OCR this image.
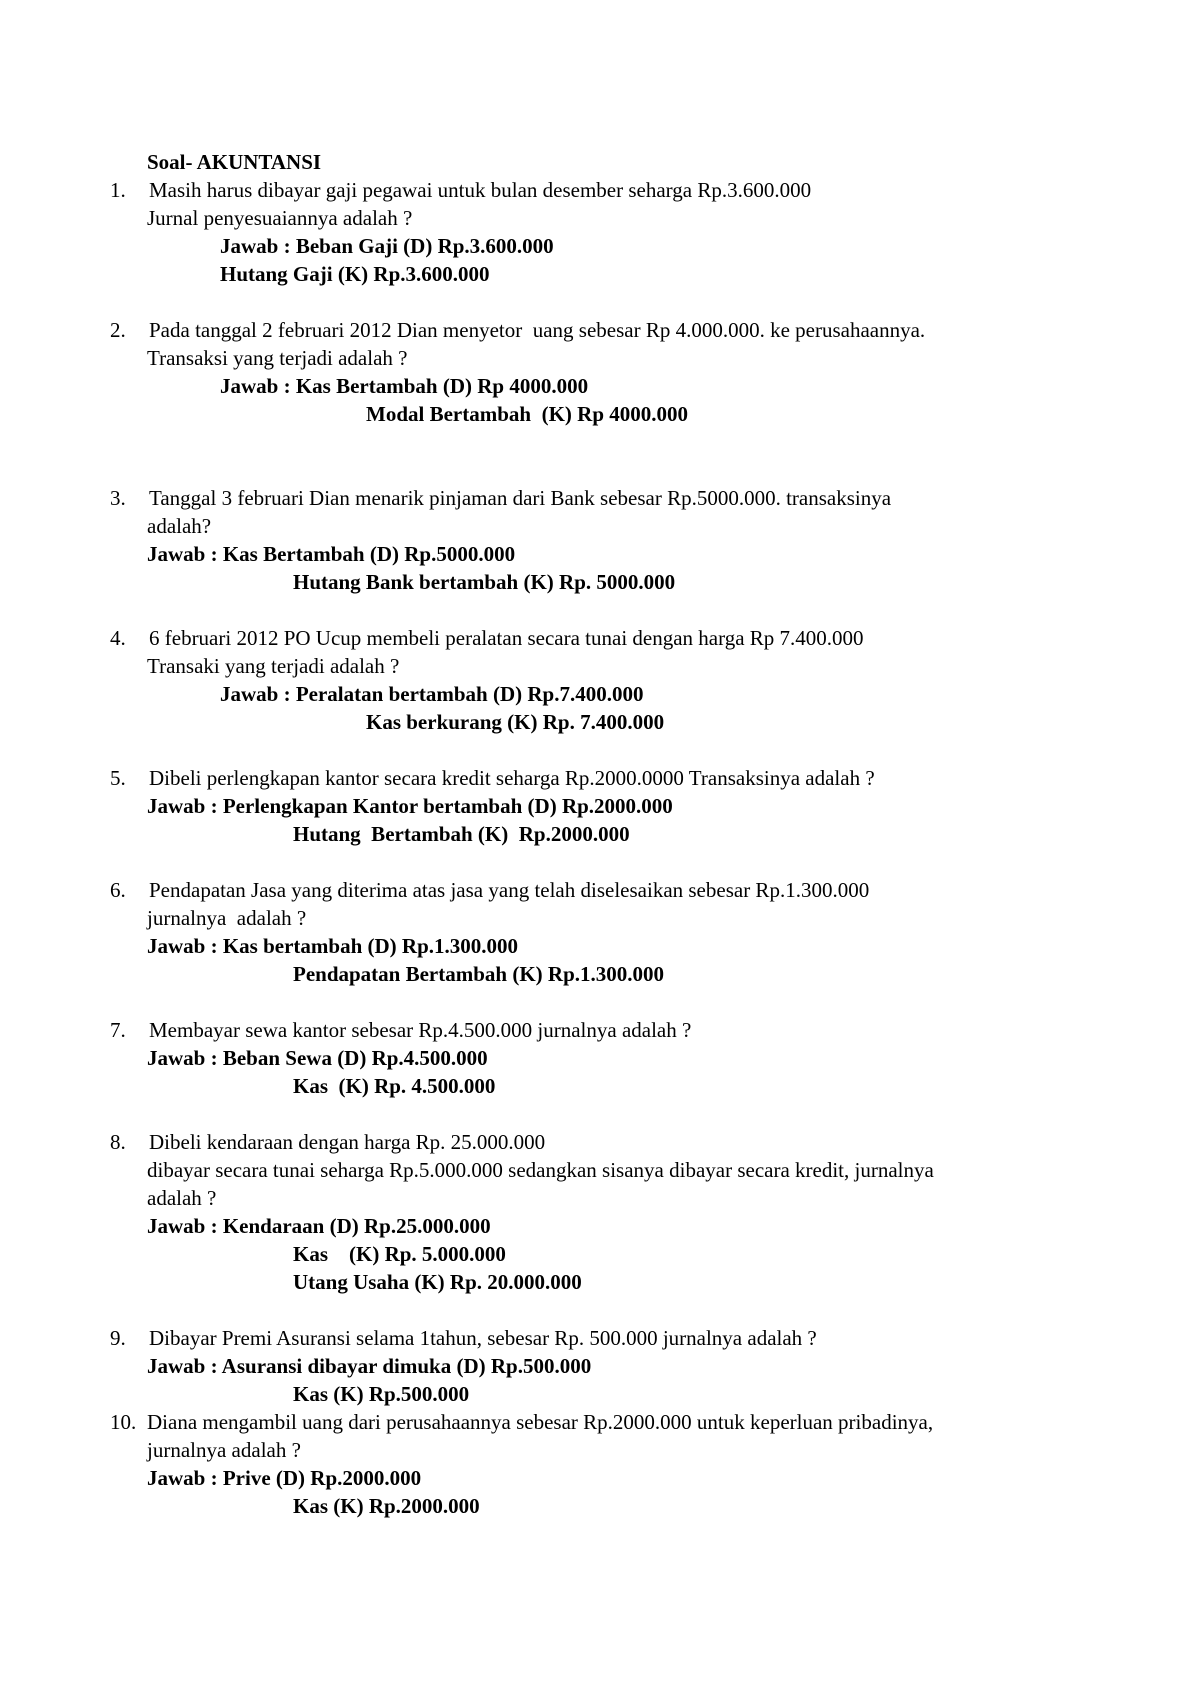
Soal- AKUNTANSI
1. Masih harus dibayar gaji pegawai untuk bulan desember seharga Rp.3.600.000
Jurnal penyesuaiannya adalah ?
Jawab : Beban Gaji (D) Rp.3.600.000
Hutang Gaji (K) Rp.3.600.000
2. Pada tanggal 2 februari 2012 Dian menyetor  uang sebesar Rp 4.000.000. ke perusahaannya.
Transaksi yang terjadi adalah ?
Jawab : Kas Bertambah (D) Rp 4000.000
Modal Bertambah  (K) Rp 4000.000
3. Tanggal 3 februari Dian menarik pinjaman dari Bank sebesar Rp.5000.000. transaksinya
adalah?
Jawab : Kas Bertambah (D) Rp.5000.000
Hutang Bank bertambah (K) Rp. 5000.000
4. 6 februari 2012 PO Ucup membeli peralatan secara tunai dengan harga Rp 7.400.000
Transaki yang terjadi adalah ?
Jawab : Peralatan bertambah (D) Rp.7.400.000
Kas berkurang (K) Rp. 7.400.000
5. Dibeli perlengkapan kantor secara kredit seharga Rp.2000.0000 Transaksinya adalah ?
Jawab : Perlengkapan Kantor bertambah (D) Rp.2000.000
Hutang  Bertambah (K)  Rp.2000.000
6. Pendapatan Jasa yang diterima atas jasa yang telah diselesaikan sebesar Rp.1.300.000
jurnalnya  adalah ?
Jawab : Kas bertambah (D) Rp.1.300.000
Pendapatan Bertambah (K) Rp.1.300.000
7. Membayar sewa kantor sebesar Rp.4.500.000 jurnalnya adalah ?
Jawab : Beban Sewa (D) Rp.4.500.000
Kas  (K) Rp. 4.500.000
8. Dibeli kendaraan dengan harga Rp. 25.000.000
dibayar secara tunai seharga Rp.5.000.000 sedangkan sisanya dibayar secara kredit, jurnalnya
adalah ?
Jawab : Kendaraan (D) Rp.25.000.000
Kas    (K) Rp. 5.000.000
Utang Usaha (K) Rp. 20.000.000
9. Dibayar Premi Asuransi selama 1tahun, sebesar Rp. 500.000 jurnalnya adalah ?
Jawab : Asuransi dibayar dimuka (D) Rp.500.000
Kas (K) Rp.500.000
10. Diana mengambil uang dari perusahaannya sebesar Rp.2000.000 untuk keperluan pribadinya,
jurnalnya adalah ?
Jawab : Prive (D) Rp.2000.000
Kas (K) Rp.2000.000
